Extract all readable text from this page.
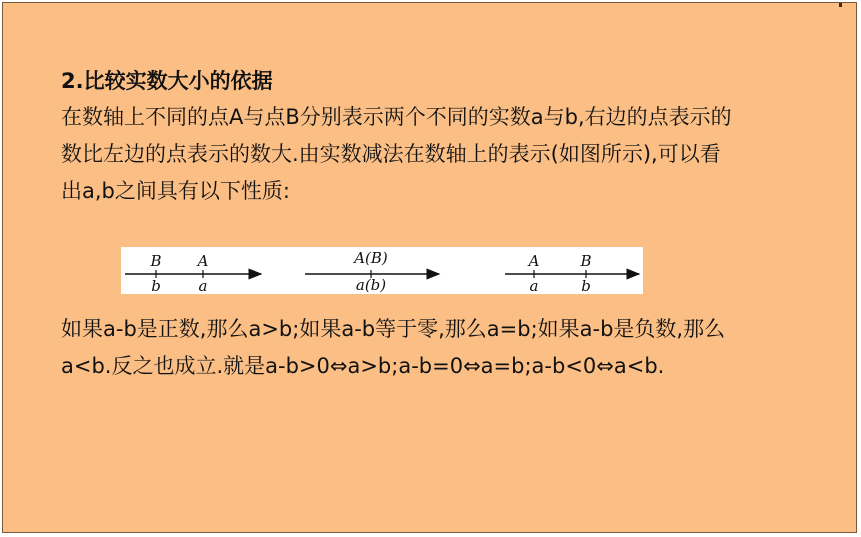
2.比较实数大小的依据

在数轴上不同的点A与点B分别表示两个不同的实数a与b,右边的点表示的
数比左边的点表示的数大.由实数减法在数轴上的表示(如图所示),可以看
出a,b之间具有以下性质:

B A
b	a
A(B)
a(b)
A	B
a	b

如果a-b是正数,那么a>b;如果a-b等于零,那么a=b;如果a-b是负数,那么
a<b.反之也成立.就是a-b>0⇔a>b;a-b=0⇔a=b;a-b<0⇔a<b.
